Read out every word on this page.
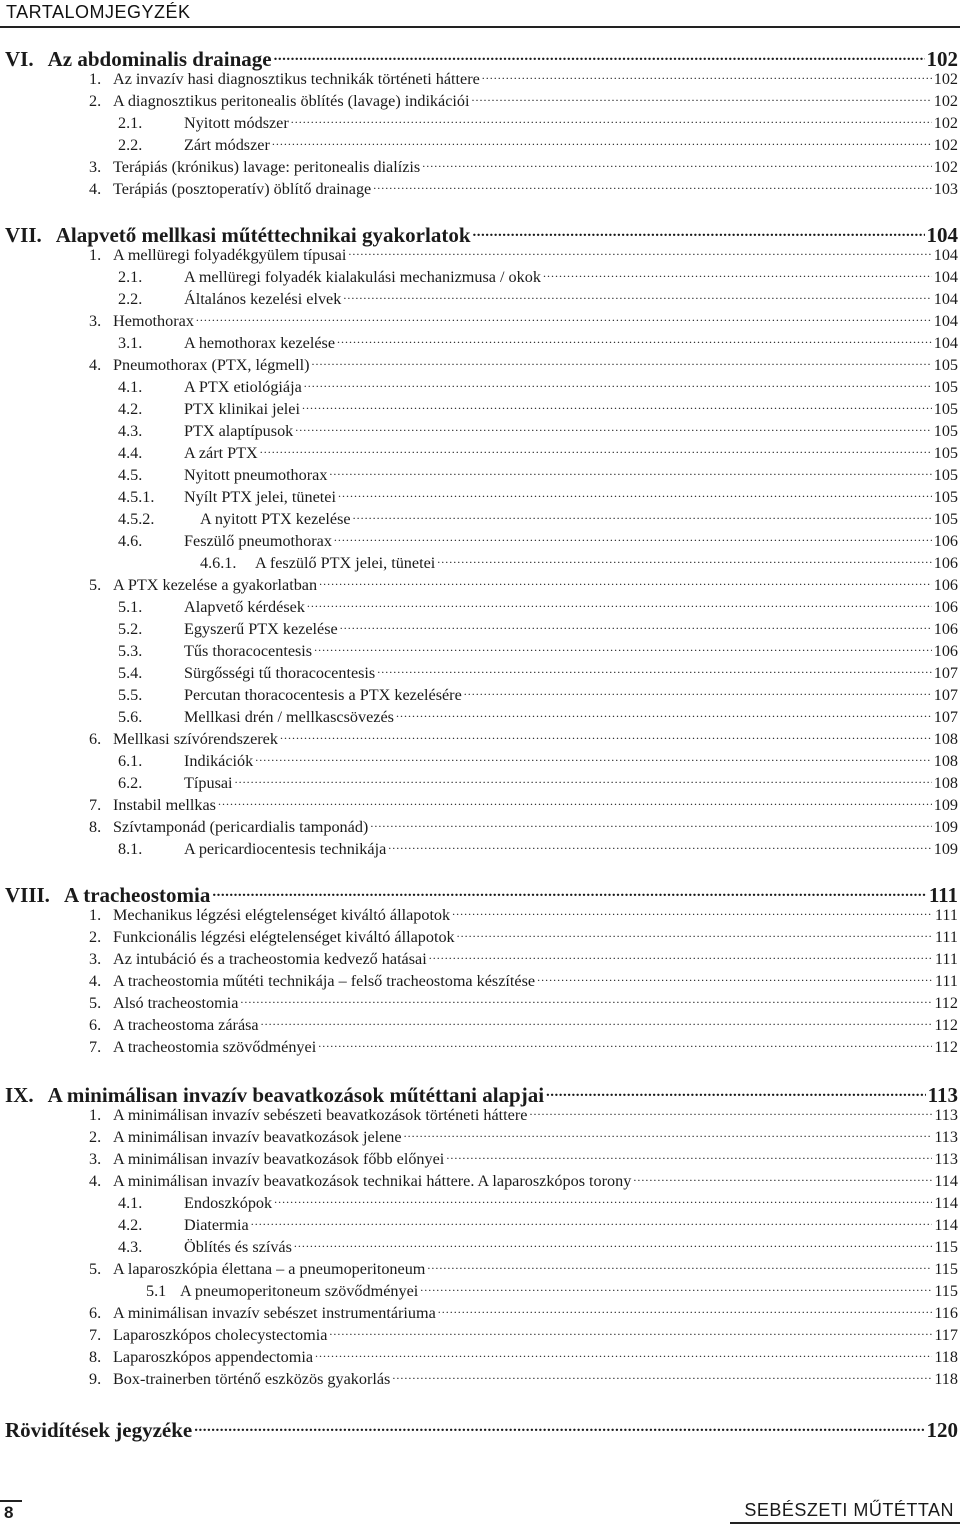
TARTALOMJEGYZÉK
VI. Az abdominalis drainage .....	102
1. Az invazív hasi diagnosztikus technikák történeti háttere .....	102
2. A diagnosztikus peritonealis öblítés (lavage) indikációi .....	102
2.1.	Nyitott módszer .....	102
2.2.	Zárt módszer .....	102
3. Terápiás (krónikus) lavage: peritonealis dialízis .....	102
4. Terápiás (posztoperatív) öblítő drainage .....	103
VII. Alapvető mellkasi műtéttechnikai gyakorlatok .....	104
1. A mellüregi folyadékgyülem típusai .....	104
2.1.	A mellüregi folyadék kialakulási mechanizmusa / okok .....	104
2.2.	Általános kezelési elvek .....	104
3. Hemothorax .....	104
3.1.	A hemothorax kezelése .....	104
4. Pneumothorax (PTX, légmell) .....	105
4.1.	A PTX etiológiája .....	105
4.2.	PTX klinikai jelei .....	105
4.3.	PTX alaptípusok .....	105
4.4.	A zárt PTX .....	105
4.5.	Nyitott pneumothorax .....	105
4.5.1. Nyílt PTX jelei, tünetei .....	105
4.5.2.	A nyitott PTX kezelése .....	105
4.6.	Feszülő pneumothorax .....	106
4.6.1. A feszülő PTX jelei, tünetei .....	106
5. A PTX kezelése a gyakorlatban .....	106
5.1.	Alapvető kérdések .....	106
5.2.	Egyszerű PTX kezelése .....	106
5.3.	Tűs thoracocentesis .....	106
5.4.	Sürgősségi tű thoracocentesis .....	107
5.5.	Percutan thoracocentesis a PTX kezelésére .....	107
5.6.	Mellkasi drén / mellkascsövezés .....	107
6. Mellkasi szívórendszerek .....	108
6.1.	Indikációk .....	108
6.2.	Típusai .....	108
7. Instabil mellkas .....	109
8. Szívtamponád (pericardialis tamponád) .....	109
8.1.	A pericardiocentesis technikája .....	109
VIII. A tracheostomia .....	111
1. Mechanikus légzési elégtelenséget kiváltó állapotok .....	111
2. Funkcionális légzési elégtelenséget kiváltó állapotok .....	111
3. Az intubáció és a tracheostomia kedvező hatásai .....	111
4. A tracheostomia műtéti technikája – felső tracheostoma készítése .....	111
5. Alsó tracheostomia .....	112
6. A tracheostoma zárása .....	112
7. A tracheostomia szövődményei .....	112
IX. A minimálisan invazív beavatkozások műtéttani alapjai .....	113
1. A minimálisan invazív sebészeti beavatkozások történeti háttere .....	113
2. A minimálisan invazív beavatkozások jelene .....	113
3. A minimálisan invazív beavatkozások főbb előnyei .....	113
4. A minimálisan invazív beavatkozások technikai háttere. A laparoszkópos torony .....	114
4.1.	Endoszkópok .....	114
4.2.	Diatermia .....	114
4.3.	Öblítés és szívás .....	115
5. A laparoszkópia élettana – a pneumoperitoneum .....	115
5.1 A pneumoperitoneum szövődményei .....	115
6. A minimálisan invazív sebészet instrumentáriuma .....	116
7. Laparoszkópos cholecystectomia .....	117
8. Laparoszkópos appendectomia .....	118
9. Box-trainerben történő eszközös gyakorlás .....	118
Rövidítések jegyzéke .....	120
8	SEBÉSZETI MŰTÉTTAN
